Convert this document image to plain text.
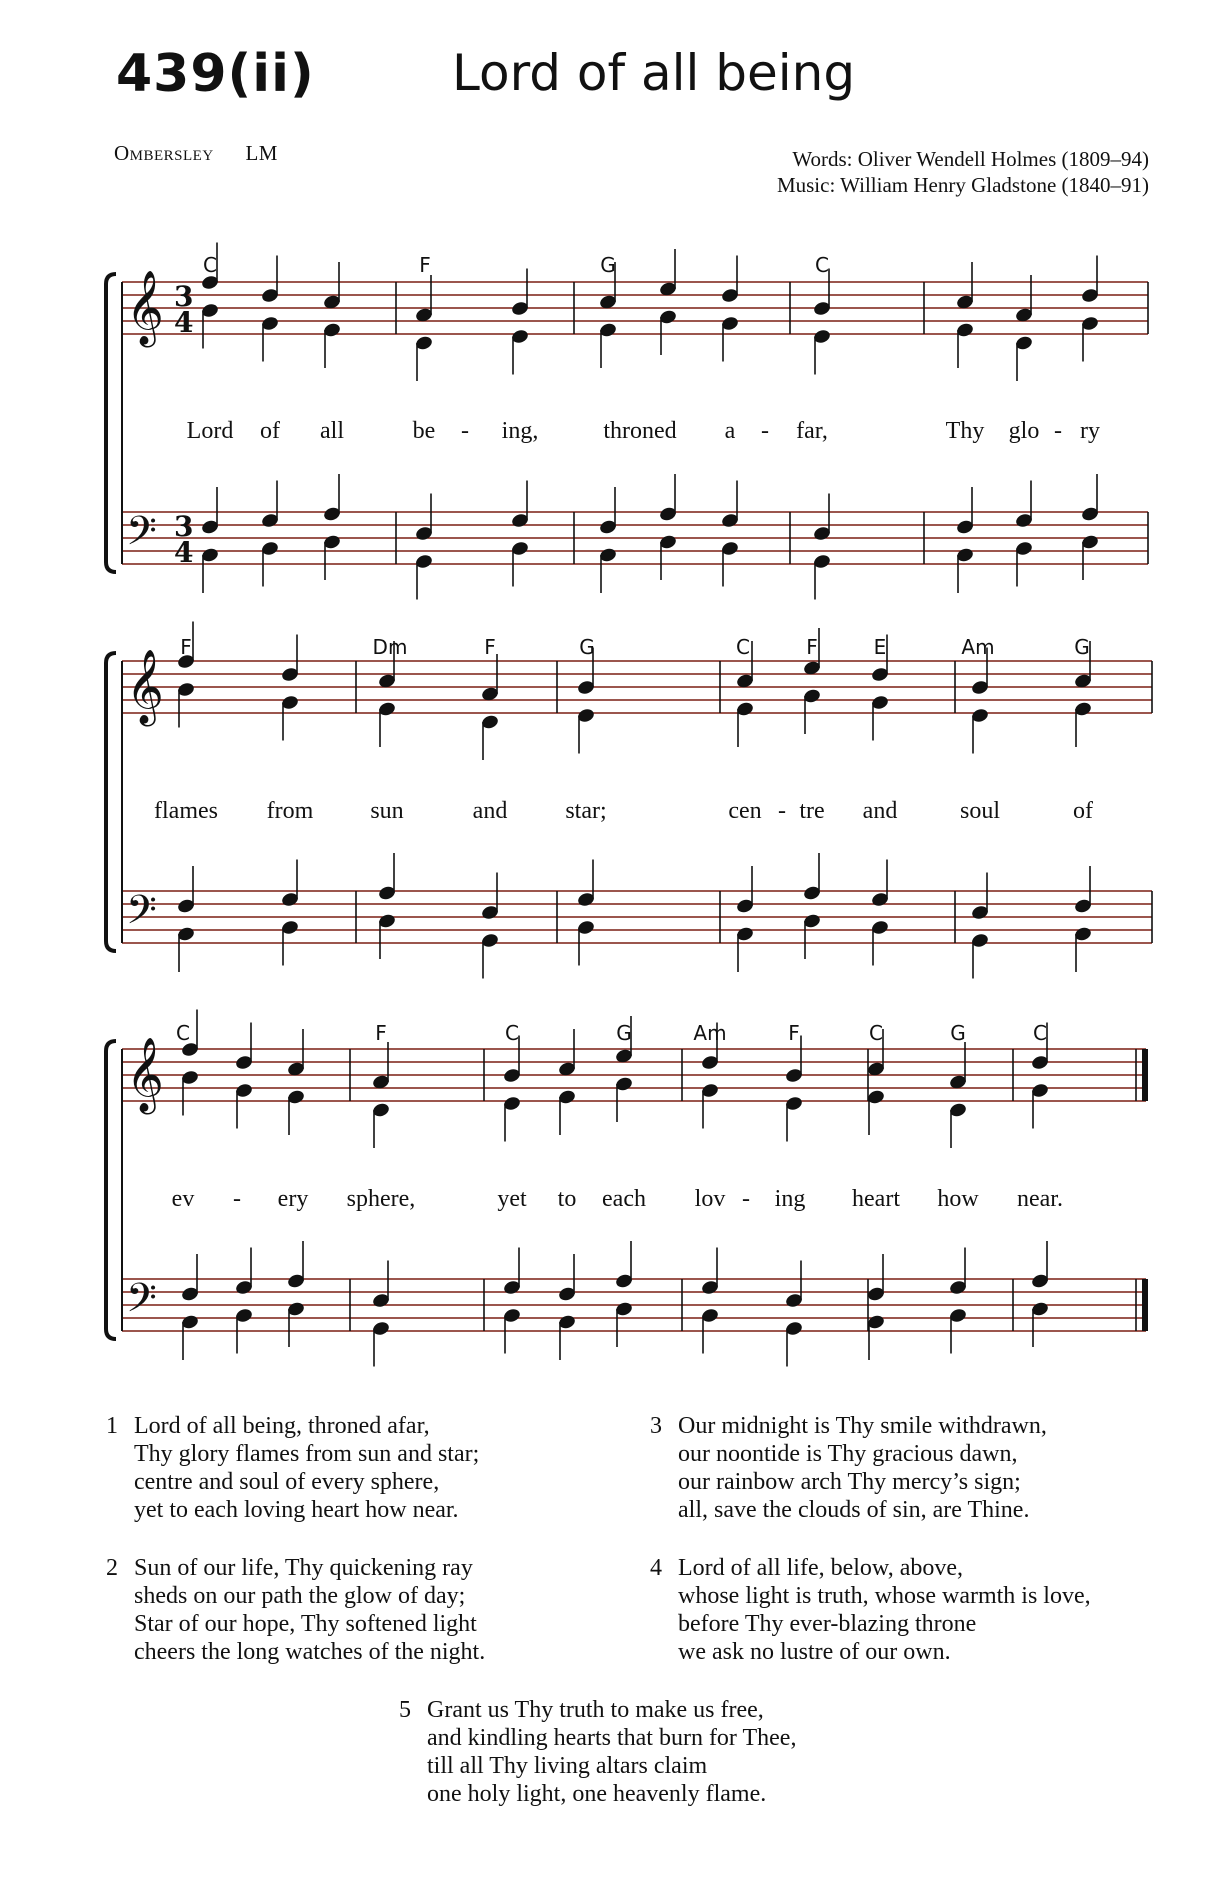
439(ii)	Lord of all being
Ombersley LM	Words: Oliver Wendell Holmes (1809–94)
Music: William Henry Gladstone (1840–91)
𝄞
𝄢
3
4
3
4
C	F	G	C
Lord of all	be - ing,	throned a - far,	Thy glo - ry
𝄞
𝄢
F	Dm	F	G	C	F	E	Am	G
flames from sun	and star;	cen - tre and	soul	of
𝄞
𝄢
C	F	C	G	Am	F	C	G	C
ev - ery sphere,	yet to each lov - ing heart how near.
1 Lord of all being, throned afar,
Thy glory flames from sun and star;
centre and soul of every sphere,
yet to each loving heart how near.
2 Sun of our life, Thy quickening ray
sheds on our path the glow of day;
Star of our hope, Thy softened light
cheers the long watches of the night.
3 Our midnight is Thy smile withdrawn,
our noontide is Thy gracious dawn,
our rainbow arch Thy mercy’s sign;
all, save the clouds of sin, are Thine.
4 Lord of all life, below, above,
whose light is truth, whose warmth is love,
before Thy ever-blazing throne
we ask no lustre of our own.
5 Grant us Thy truth to make us free,
and kindling hearts that burn for Thee,
till all Thy living altars claim
one holy light, one heavenly flame.
